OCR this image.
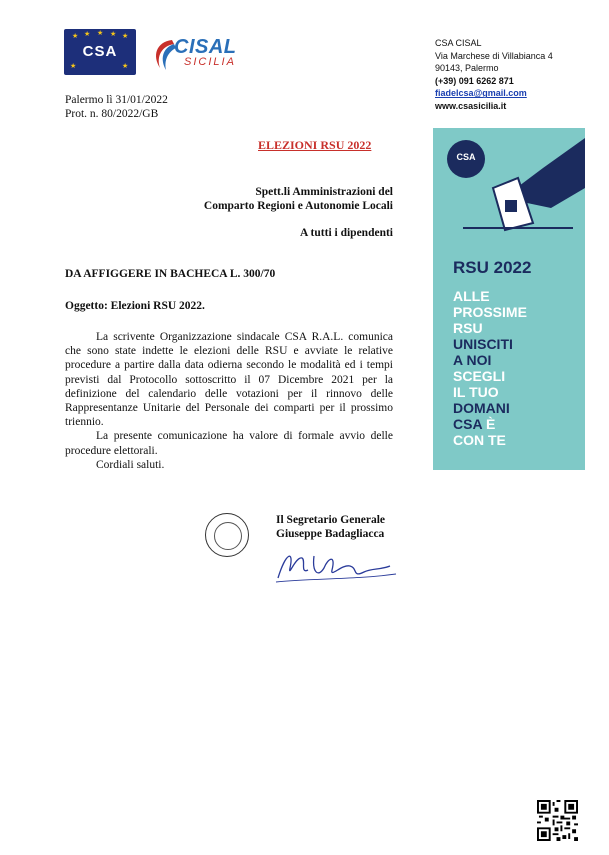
★ ★ ★ ★ ★
★	★
CSA	CISAL
SICILIA
CSA CISAL
Via Marchese di Villabianca 4
90143, Palermo
(+39) 091 6262 871
fiadelcsa@gmail.com
www.csasicilia.it
Palermo lì 31/01/2022
Prot. n. 80/2022/GB
ELEZIONI RSU 2022
Spett.li Amministrazioni del
Comparto Regioni e Autonomie Locali
A tutti i dipendenti
DA AFFIGGERE IN BACHECA L. 300/70
Oggetto: Elezioni RSU 2022.

La scrivente Organizzazione sindacale CSA R.A.L. comunica che sono state indette le elezioni delle RSU e avviate le relative procedure a partire dalla data odierna secondo le modalità ed i tempi previsti dal Protocollo sottoscritto il 07 Dicembre 2021 per la definizione del calendario delle votazioni per il rinnovo delle Rappresentanze Unitarie del Personale dei comparti per il prossimo triennio.

La presente comunicazione ha valore di formale avvio delle procedure elettorali.

Cordiali saluti.

Il Segretario Generale
Giuseppe Badagliacca
CSA
RSU 2022
ALLE
PROSSIME
RSU
UNISCITI
A NOI
SCEGLI
IL TUO
DOMANI
CSA È
CON TE
